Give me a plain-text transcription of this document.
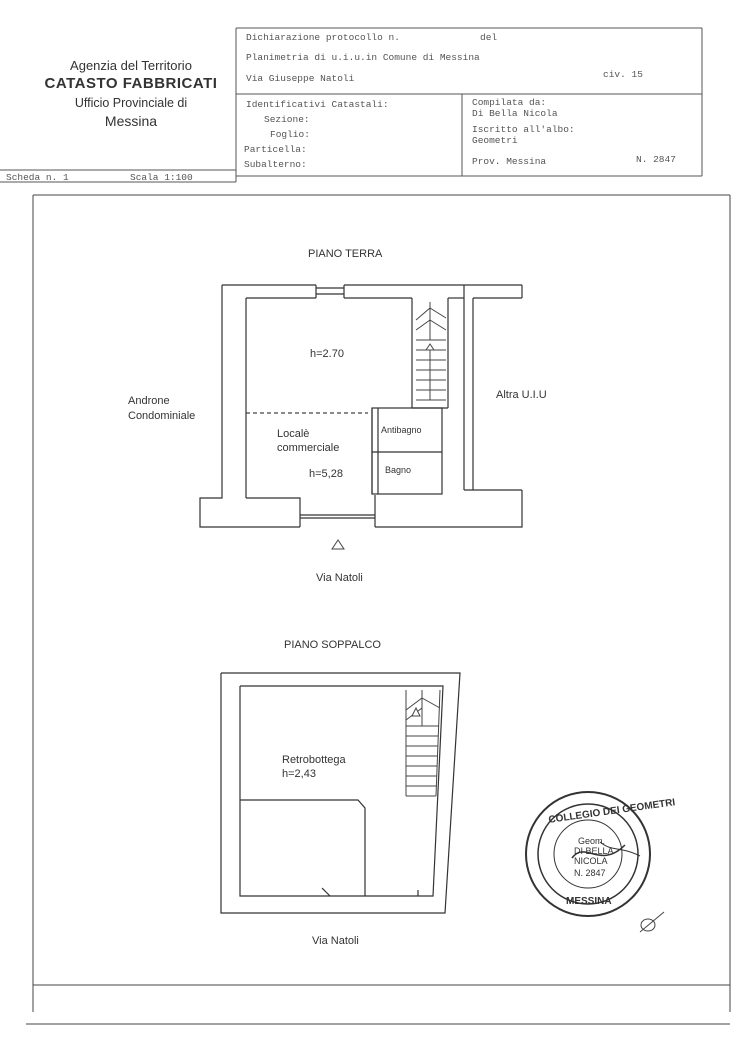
Agenzia del Territorio
CATASTO FABBRICATI
Ufficio Provinciale di
Messina
Dichiarazione protocollo n.	del
Planimetria di u.i.u.in Comune di Messina
Via Giuseppe Natoli	civ. 15
Identificativi Catastali:
Sezione:
Foglio:
Particella:
Subalterno:
Compilata da:
Di Bella Nicola
Iscritto all'albo:
Geometri
Prov. Messina	N. 2847
Scheda n. 1	Scala 1:100
PIANO TERRA
Androne
Condominiale
Altra U.I.U
h=2.70
Localè
commerciale
h=5,28
Antibagno
Bagno
Via Natoli
PIANO SOPPALCO
Retrobottega
h=2,43
Via Natoli
COLLEGIO DEI GEOMETRI
MESSINA
Geom.
DI BELLA
NICOLA
N. 2847
